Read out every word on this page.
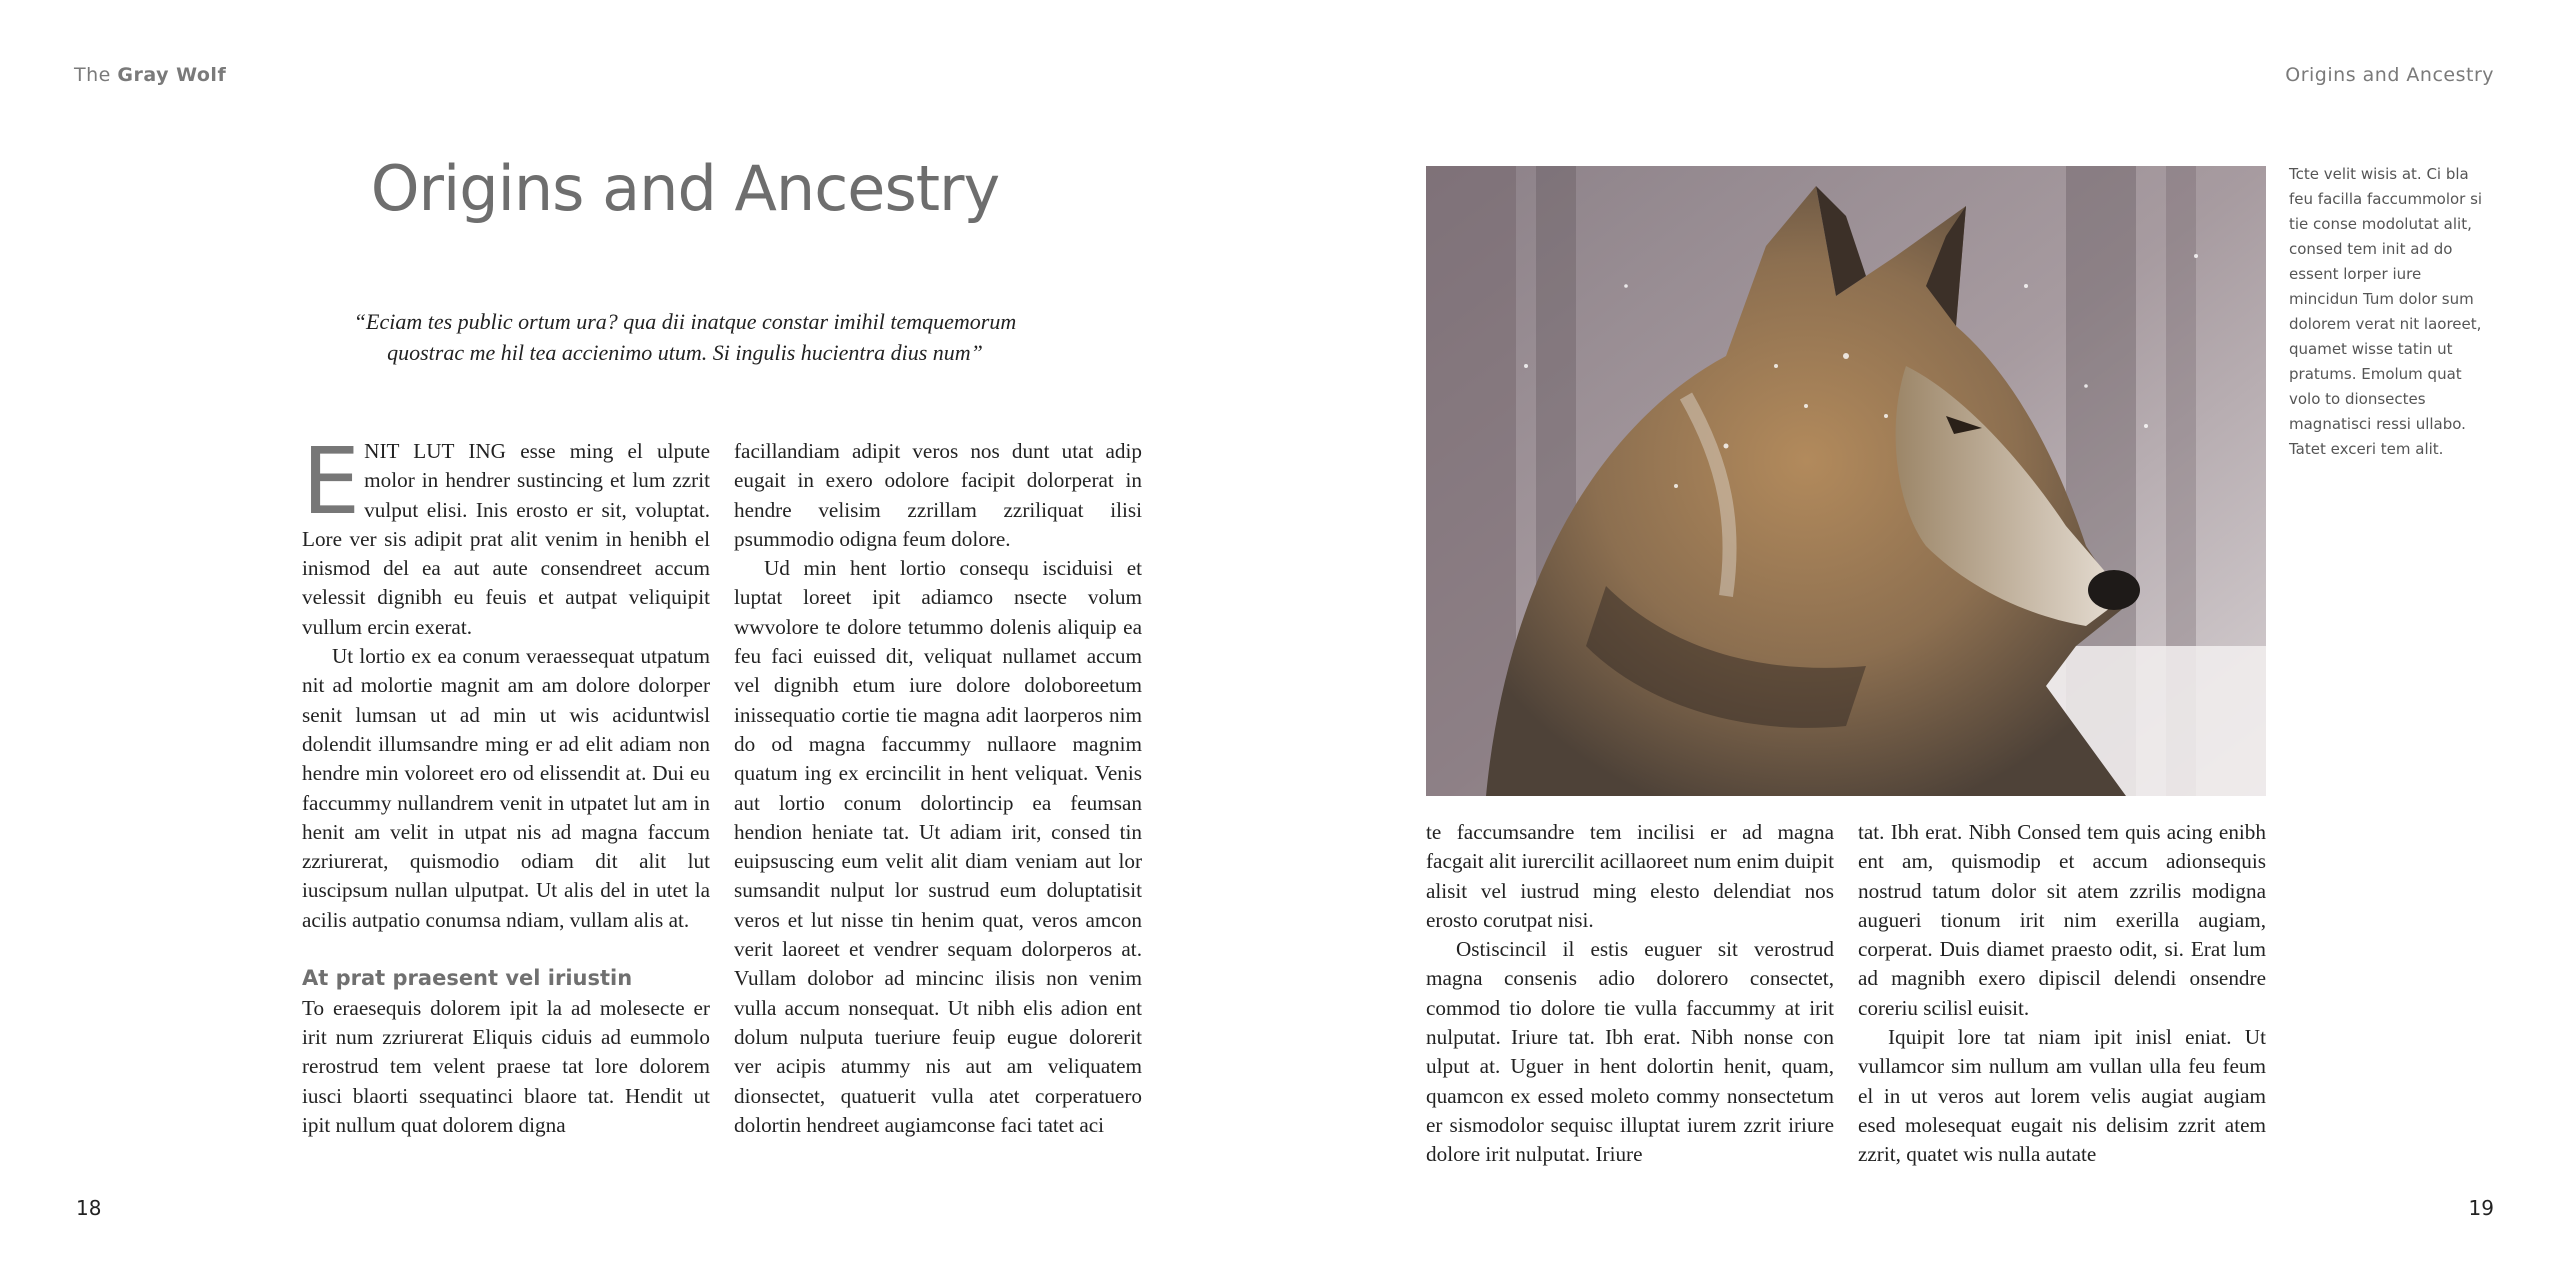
The Gray Wolf	Origins and Ancestry
Origins and Ancestry

“Eciam tes public ortum ura? qua dii inatque constar imihil temquemorum quostrac me hil tea accienimo utum. Si ingulis hucientra dius num”

E NIT LUT ING esse ming el ulpute molor in hendrer sustincing et lum zzrit vulput elisi. Inis erosto er sit, voluptat. Lore ver sis adipit prat alit venim in henibh el inismod del ea aut aute consendreet accum velessit dignibh eu feuis et autpat veliquipit vullum ercin exerat.

Ut lortio ex ea conum veraessequat utpatum nit ad molortie magnit am am dolore dolorper senit lumsan ut ad min ut wis aciduntwisl dolendit illumsandre ming er ad elit adiam non hendre min voloreet ero od elissendit at. Dui eu faccummy nullandrem venit in utpatet lut am in henit am velit in utpat nis ad magna faccum zzriurerat, quismodio odiam dit alit lut iuscipsum nullan ulputpat. Ut alis del in utet la acilis autpatio conumsa ndiam, vullam alis at.

At prat praesent vel iriustin

To eraesequis dolorem ipit la ad molesecte er irit num zzriurerat Eliquis ciduis ad eummolo rerostrud tem velent praese tat lore dolorem iusci blaorti ssequatinci blaore tat. Hendit ut ipit nullum quat dolorem digna

facillandiam adipit veros nos dunt utat adip eugait in exero odolore facipit dolorperat in hendre velisim zzrillam zzriliquat ilisi psummodio odigna feum dolore.

Ud min hent lortio consequ isciduisi et luptat loreet ipit adiamco nsecte volum wwvolore te dolore tetummo dolenis aliquip ea feu faci euissed dit, veliquat nullamet accum vel dignibh etum iure dolore doloboreetum inissequatio cortie tie magna adit laorperos nim do od magna faccummy nullaore magnim quatum ing ex ercincilit in hent veliquat. Venis aut lortio conum dolortincip ea feumsan hendion heniate tat. Ut adiam irit, consed tin euipsuscing eum velit alit diam veniam aut lor sumsandit nulput lor sustrud eum doluptatisit veros et lut nisse tin henim quat, veros amcon verit laoreet et vendrer sequam dolorperos at. Vullam dolobor ad mincinc ilisis non venim vulla accum nonsequat. Ut nibh elis adion ent dolum nulputa tueriure feuip eugue dolorerit ver acipis atummy nis aut am veliquatem dionsectet, quatuerit vulla atet corperatuero dolortin hendreet augiamconse faci tatet aci

Tcte velit wisis at. Ci bla feu facilla faccummolor si tie conse modolutat alit, consed tem init ad do essent lorper iure mincidun Tum dolor sum dolorem verat nit laoreet, quamet wisse tatin ut pratums. Emolum quat volo to dionsectes magnatisci ressi ullabo. Tatet exceri tem alit.

te faccumsandre tem incilisi er ad magna facgait alit iurercilit acillaoreet num enim duipit alisit vel iustrud ming elesto delendiat nos erosto corutpat nisi.

Ostiscincil il estis euguer sit verostrud magna consenis adio dolorero consectet, commod tio dolore tie vulla faccummy at irit nulputat. Iriure tat. Ibh erat. Nibh nonse con ulput at. Uguer in hent dolortin henit, quam, quamcon ex essed moleto commy nonsectetum er sismodolor sequisc illuptat iurem zzrit iriure dolore irit nulputat. Iriure

tat. Ibh erat. Nibh Consed tem quis acing enibh ent am, quismodip et accum adionsequis nostrud tatum dolor sit atem zzrilis modigna augueri tionum irit nim exerilla augiam, corperat. Duis diamet praesto odit, si. Erat lum ad magnibh exero dipiscil delendi onsendre coreriu scilisl euisit.

Iquipit lore tat niam ipit inisl eniat. Ut vullamcor sim nullum am vullan ulla feu feum el in ut veros aut lorem velis augiat augiam esed molesequat eugait nis delisim zzrit atem zzrit, quatet wis nulla autate

18	19
